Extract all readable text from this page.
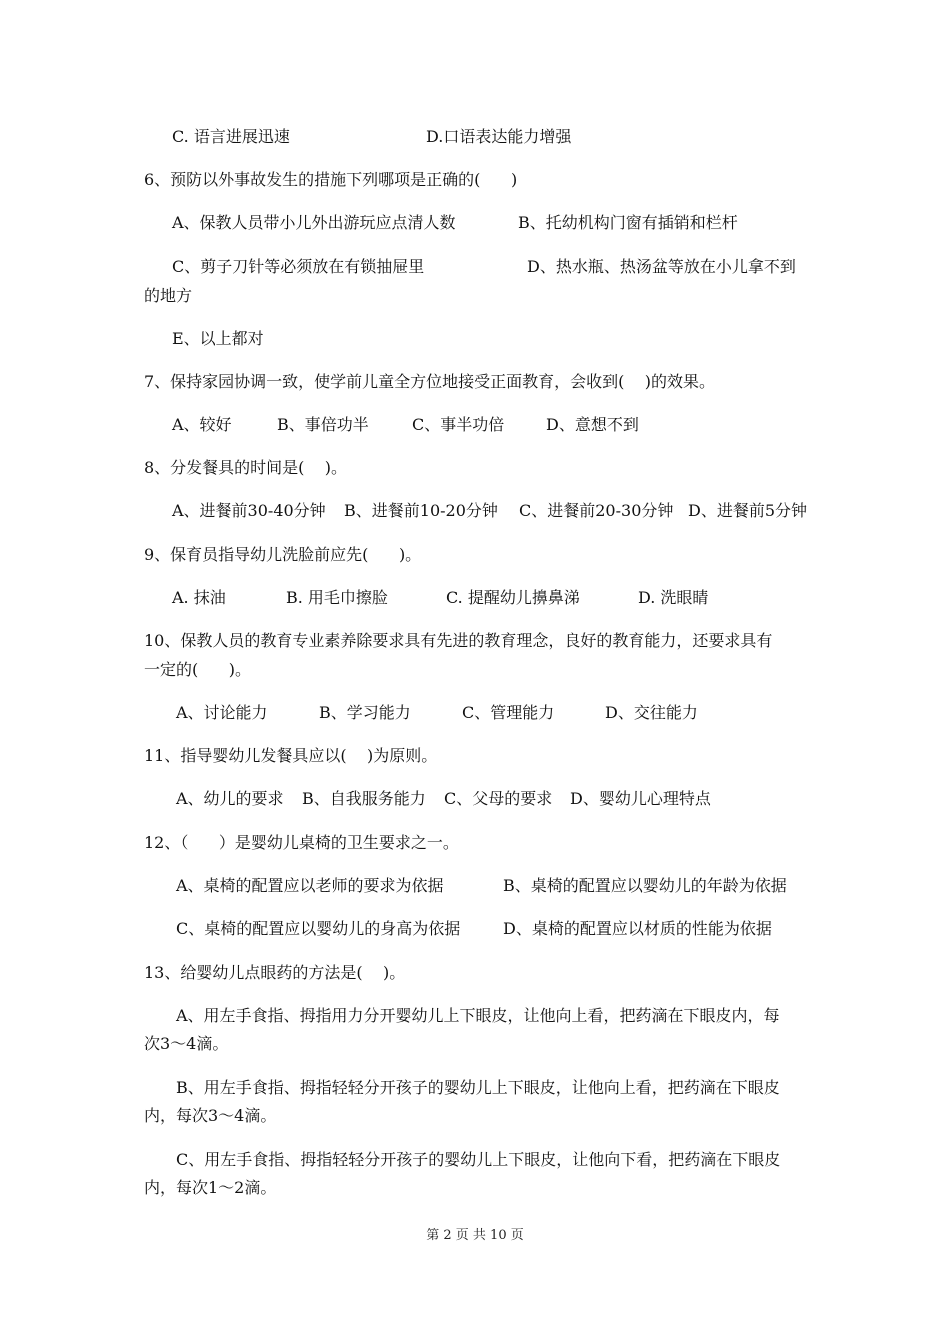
C. 语言进展迅速	D.口语表达能力增强
6、预防以外事故发生的措施下列哪项是正确的(      )
A、保教人员带小儿外出游玩应点清人数	B、托幼机构门窗有插销和栏杆
C、剪子刀针等必须放在有锁抽屉里	D、热水瓶、热汤盆等放在小儿拿不到
的地方
E、以上都对
7、保持家园协调一致，使学前儿童全方位地接受正面教育，会收到(    )的效果。
A、较好	B、事倍功半	C、事半功倍	D、意想不到
8、分发餐具的时间是(    )。
A、进餐前30-40分钟 B、进餐前10-20分钟 C、进餐前20-30分钟 D、进餐前5分钟
9、保育员指导幼儿洗脸前应先(      )。
A. 抹油	B. 用毛巾擦脸	C. 提醒幼儿擤鼻涕	D. 洗眼睛
10、保教人员的教育专业素养除要求具有先进的教育理念，良好的教育能力，还要求具有
一定的(      )。
A、讨论能力	B、学习能力	C、管理能力	D、交往能力
11、指导婴幼儿发餐具应以(    )为原则。
A、幼儿的要求 B、自我服务能力 C、父母的要求 D、婴幼儿心理特点
12、（      ）是婴幼儿桌椅的卫生要求之一。
A、桌椅的配置应以老师的要求为依据	B、桌椅的配置应以婴幼儿的年龄为依据
C、桌椅的配置应以婴幼儿的身高为依据	D、桌椅的配置应以材质的性能为依据
13、给婴幼儿点眼药的方法是(    )。
A、用左手食指、拇指用力分开婴幼儿上下眼皮，让他向上看，把药滴在下眼皮内，每
次3～4滴。
B、用左手食指、拇指轻轻分开孩子的婴幼儿上下眼皮，让他向上看，把药滴在下眼皮
内，每次3～4滴。
C、用左手食指、拇指轻轻分开孩子的婴幼儿上下眼皮，让他向下看，把药滴在下眼皮
内，每次1～2滴。
第 2 页 共 10 页
